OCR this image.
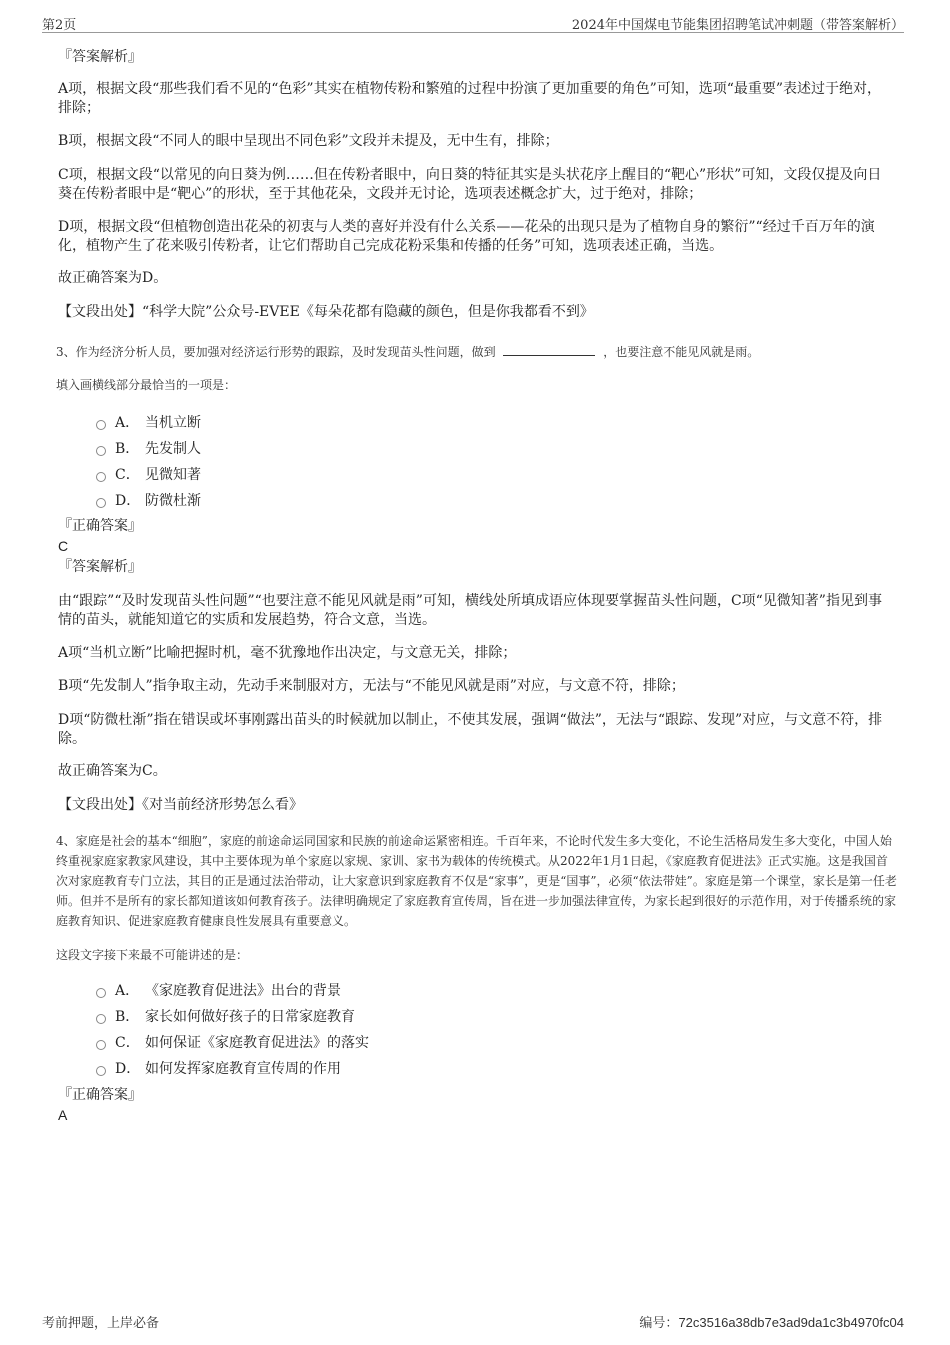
第2页	2024年中国煤电节能集团招聘笔试冲刺题（带答案解析）

『答案解析』

A项，根据文段“那些我们看不见的“色彩”其实在植物传粉和繁殖的过程中扮演了更加重要的角色”可知，选项“最重要”表述过于绝对，排除；

B项，根据文段“不同人的眼中呈现出不同色彩”文段并未提及，无中生有，排除；

C项，根据文段“以常见的向日葵为例……但在传粉者眼中，向日葵的特征其实是头状花序上醒目的“靶心”形状”可知，文段仅提及向日葵在传粉者眼中是“靶心”的形状，至于其他花朵，文段并无讨论，选项表述概念扩大，过于绝对，排除；

D项，根据文段“但植物创造出花朵的初衷与人类的喜好并没有什么关系——花朵的出现只是为了植物自身的繁衍”“经过千百万年的演化，植物产生了花来吸引传粉者，让它们帮助自己完成花粉采集和传播的任务”可知，选项表述正确，当选。

故正确答案为D。

【文段出处】“科学大院”公众号-EVEE《每朵花都有隐藏的颜色，但是你我都看不到》

3、作为经济分析人员，要加强对经济运行形势的跟踪，及时发现苗头性问题，做到	，也要注意不能见风就是雨。

填入画横线部分最恰当的一项是：

A． 当机立断
B． 先发制人
C． 见微知著
D． 防微杜渐

『正确答案』

C

『答案解析』

由“跟踪”“及时发现苗头性问题”“也要注意不能见风就是雨”可知，横线处所填成语应体现要掌握苗头性问题，C项“见微知著”指见到事情的苗头，就能知道它的实质和发展趋势，符合文意，当选。

A项“当机立断”比喻把握时机，毫不犹豫地作出决定，与文意无关，排除；

B项“先发制人”指争取主动，先动手来制服对方，无法与“不能见风就是雨”对应，与文意不符，排除；

D项“防微杜渐”指在错误或坏事刚露出苗头的时候就加以制止，不使其发展，强调“做法”，无法与“跟踪、发现”对应，与文意不符，排除。

故正确答案为C。

【文段出处】《对当前经济形势怎么看》

4、家庭是社会的基本“细胞”，家庭的前途命运同国家和民族的前途命运紧密相连。千百年来，不论时代发生多大变化，不论生活格局发生多大变化，中国人始终重视家庭家教家风建设，其中主要体现为单个家庭以家规、家训、家书为载体的传统模式。从2022年1月1日起，《家庭教育促进法》正式实施。这是我国首次对家庭教育专门立法，其目的正是通过法治带动，让大家意识到家庭教育不仅是“家事”，更是“国事”，必须“依法带娃”。家庭是第一个课堂，家长是第一任老师。但并不是所有的家长都知道该如何教育孩子。法律明确规定了家庭教育宣传周，旨在进一步加强法律宣传，为家长起到很好的示范作用，对于传播系统的家庭教育知识、促进家庭教育健康良性发展具有重要意义。

这段文字接下来最不可能讲述的是：

A． 《家庭教育促进法》出台的背景
B． 家长如何做好孩子的日常家庭教育
C． 如何保证《家庭教育促进法》的落实
D． 如何发挥家庭教育宣传周的作用

『正确答案』

A

考前押题，上岸必备	编号：72c3516a38db7e3ad9da1c3b4970fc04
